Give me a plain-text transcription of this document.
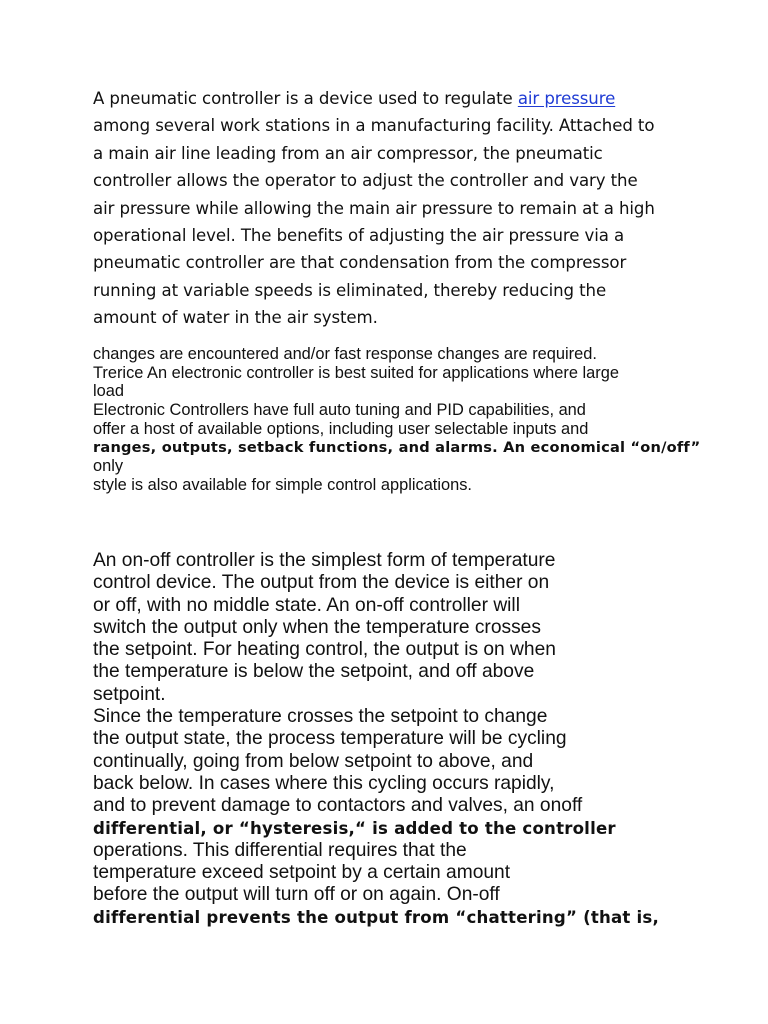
A pneumatic controller is a device used to regulate air pressure
among several work stations in a manufacturing facility. Attached to
a main air line leading from an air compressor, the pneumatic
controller allows the operator to adjust the controller and vary the
air pressure while allowing the main air pressure to remain at a high
operational level. The benefits of adjusting the air pressure via a
pneumatic controller are that condensation from the compressor
running at variable speeds is eliminated, thereby reducing the
amount of water in the air system.
changes are encountered and/or fast response changes are required.
Trerice An electronic controller is best suited for applications where large
load
Electronic Controllers have full auto tuning and PID capabilities, and
offer a host of available options, including user selectable inputs and
ranges, outputs, setback functions, and alarms. An economical “on/off”
only
style is also available for simple control applications.
An on-off controller is the simplest form of temperature
control device. The output from the device is either on
or off, with no middle state. An on-off controller will
switch the output only when the temperature crosses
the setpoint. For heating control, the output is on when
the temperature is below the setpoint, and off above
setpoint.
Since the temperature crosses the setpoint to change
the output state, the process temperature will be cycling
continually, going from below setpoint to above, and
back below. In cases where this cycling occurs rapidly,
and to prevent damage to contactors and valves, an onoff
differential, or “hysteresis,“ is added to the controller
operations. This differential requires that the
temperature exceed setpoint by a certain amount
before the output will turn off or on again. On-off
differential prevents the output from “chattering” (that is,
